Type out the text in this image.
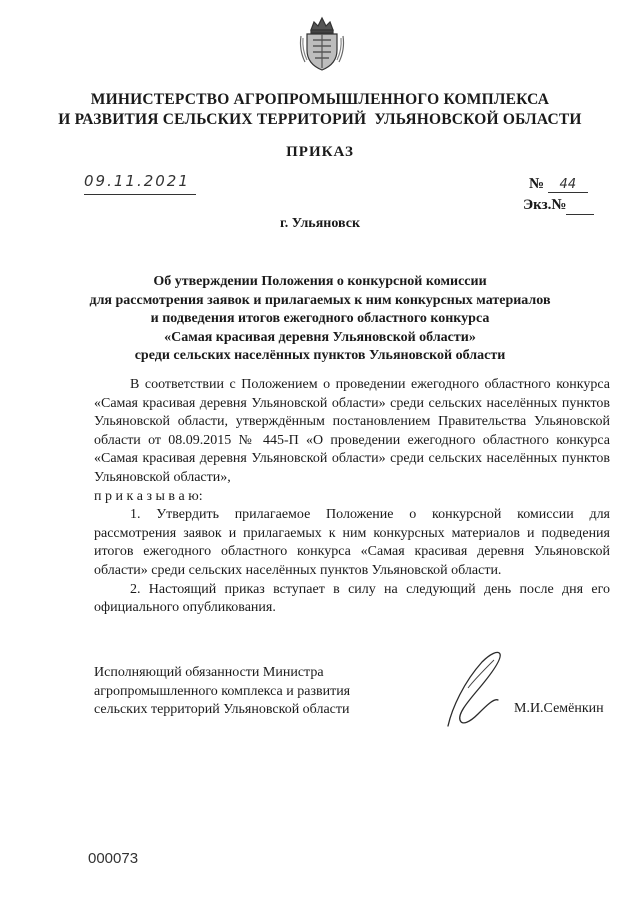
МИНИСТЕРСТВО АГРОПРОМЫШЛЕННОГО КОМПЛЕКСА
И РАЗВИТИЯ СЕЛЬСКИХ ТЕРРИТОРИЙ  УЛЬЯНОВСКОЙ ОБЛАСТИ
ПРИКАЗ
09.11.2021	№ 44
Экз.№
г. Ульяновск
Об утверждении Положения о конкурсной комиссии
для рассмотрения заявок и прилагаемых к ним конкурсных материалов
и подведения итогов ежегодного областного конкурса
«Самая красивая деревня Ульяновской области»
среди сельских населённых пунктов Ульяновской области

В соответствии с Положением о проведении ежегодного областного конкурса «Самая красивая деревня Ульяновской области» среди сельских населённых пунктов Ульяновской области, утверждённым постановлением Правительства Ульяновской области от 08.09.2015 № 445-П «О проведении ежегодного областного конкурса «Самая красивая деревня Ульяновской области» среди сельских населённых пунктов Ульяновской области»,

п р и к а з ы в а ю:

1. Утвердить прилагаемое Положение о конкурсной комиссии для рассмотрения заявок и прилагаемых к ним конкурсных материалов и подведения итогов ежегодного областного конкурса «Самая красивая деревня Ульяновской области» среди сельских населённых пунктов Ульяновской области.

2. Настоящий приказ вступает в силу на следующий день после дня его официального опубликования.

Исполняющий обязанности Министра
агропромышленного комплекса и развития
сельских территорий Ульяновской области	М.И.Семёнкин
000073
